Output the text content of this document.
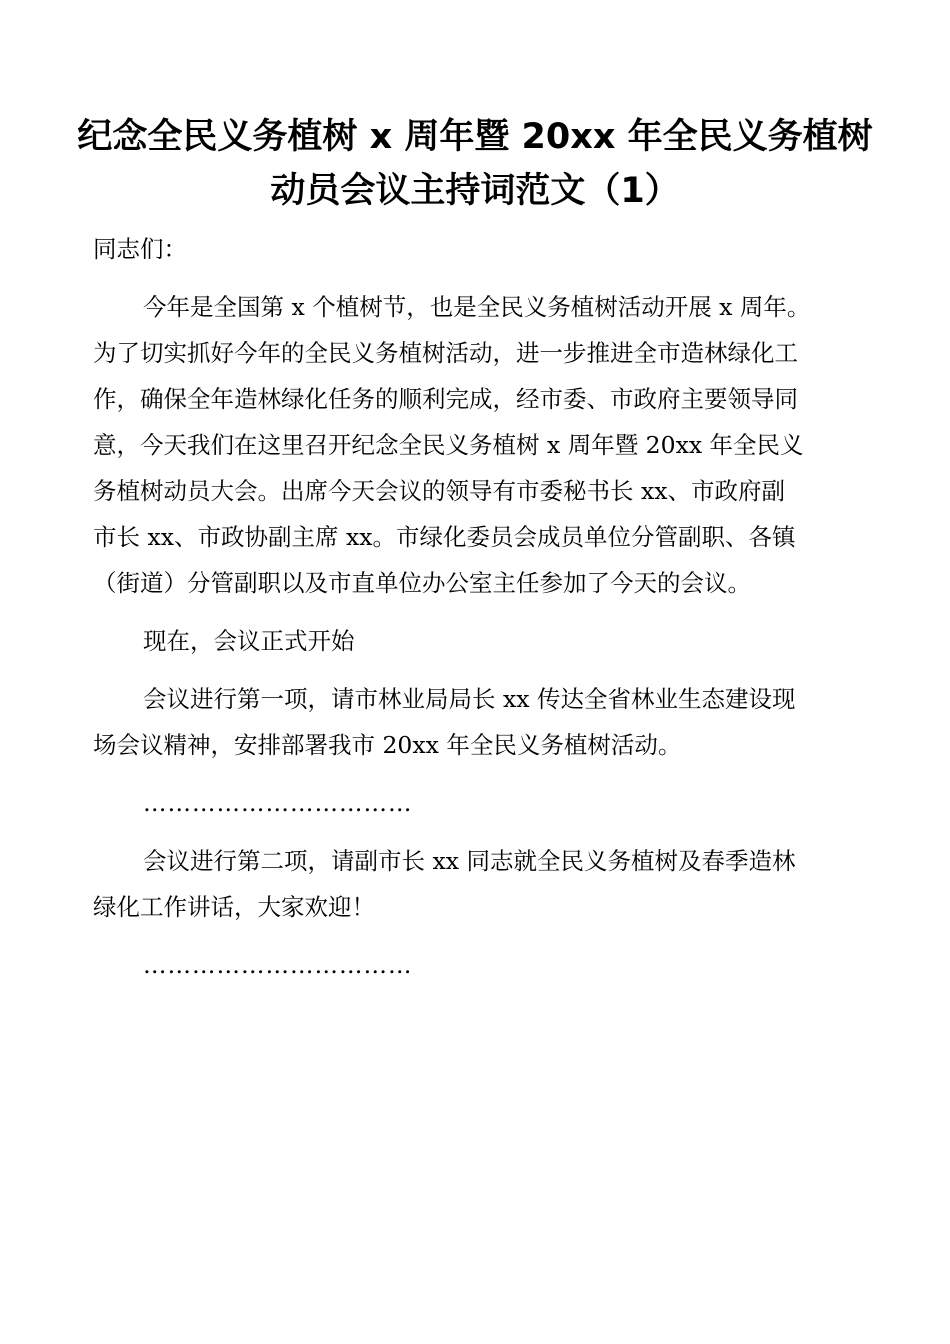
纪念全民义务植树 x 周年暨 20xx 年全民义务植树
动员会议主持词范文（1）

同志们：

今年是全国第 x 个植树节，也是全民义务植树活动开展 x 周年。
为了切实抓好今年的全民义务植树活动，进一步推进全市造林绿化工
作，确保全年造林绿化任务的顺利完成，经市委、市政府主要领导同
意，今天我们在这里召开纪念全民义务植树 x 周年暨 20xx 年全民义
务植树动员大会。出席今天会议的领导有市委秘书长 xx、市政府副
市长 xx、市政协副主席 xx。市绿化委员会成员单位分管副职、各镇
（街道）分管副职以及市直单位办公室主任参加了今天的会议。

现在，会议正式开始

会议进行第一项，请市林业局局长 xx 传达全省林业生态建设现
场会议精神，安排部署我市 20xx 年全民义务植树活动。

……………………………

会议进行第二项，请副市长 xx 同志就全民义务植树及春季造林
绿化工作讲话，大家欢迎！

……………………………
